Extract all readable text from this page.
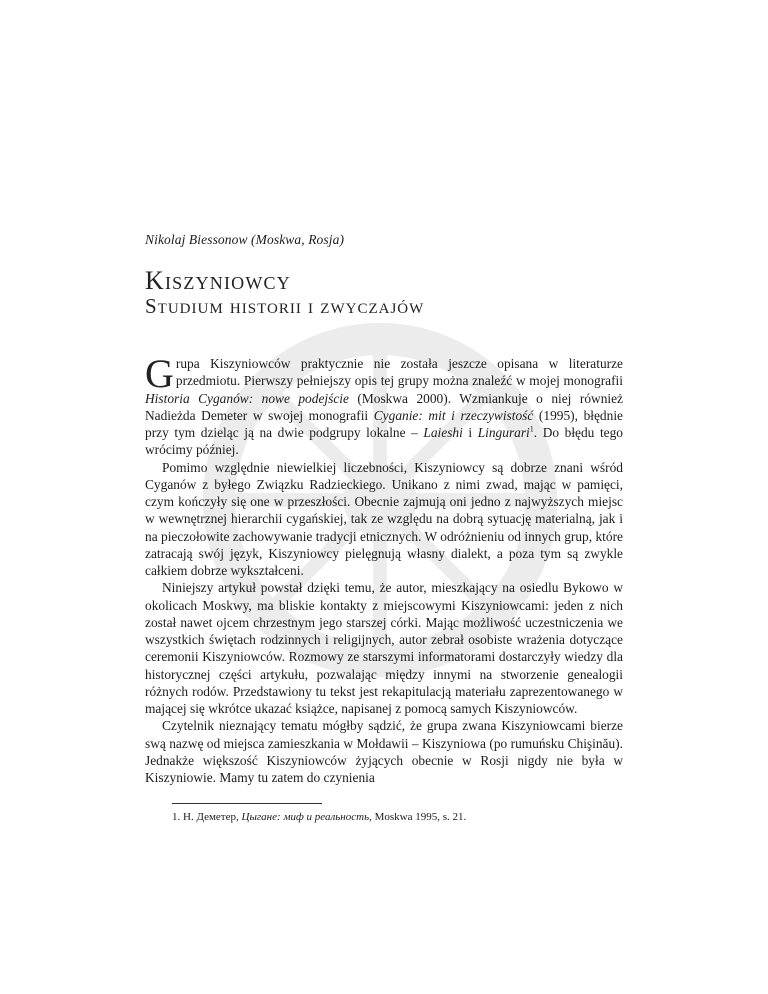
Nikolaj Biessonow (Moskwa, Rosja)
Kiszyniowcy
Studium historii i zwyczajów

Grupa Kiszyniowców praktycznie nie została jeszcze opisana w literaturze przedmiotu. Pierwszy pełniejszy opis tej grupy można znaleźć w mojej monografii Historia Cyganów: nowe podejście (Moskwa 2000). Wzmiankuje o niej również Nadieżda Demeter w swojej monografii Cyganie: mit i rzeczywistość (1995), błędnie przy tym dzieląc ją na dwie podgrupy lokalne – Laieshi i Lingurari$^1$. Do błędu tego wrócimy później.

Pomimo względnie niewielkiej liczebności, Kiszyniowcy są dobrze znani wśród Cyganów z byłego Związku Radzieckiego. Unikano z nimi zwad, mając w pamięci, czym kończyły się one w przeszłości. Obecnie zajmują oni jedno z najwyższych miejsc w wewnętrznej hierarchii cygańskiej, tak ze względu na dobrą sytuację materialną, jak i na pieczołowite zachowywanie tradycji etnicznych. W odróżnieniu od innych grup, które zatracają swój język, Kiszyniowcy pielęgnują własny dialekt, a poza tym są zwykle całkiem dobrze wykształceni.

Niniejszy artykuł powstał dzięki temu, że autor, mieszkający na osiedlu Bykowo w okolicach Moskwy, ma bliskie kontakty z miejscowymi Kiszyniowcami: jeden z nich został nawet ojcem chrzestnym jego starszej córki. Mając możliwość uczestniczenia we wszystkich świętach rodzinnych i religijnych, autor zebrał osobiste wrażenia dotyczące ceremonii Kiszyniowców. Rozmowy ze starszymi informatorami dostarczyły wiedzy dla historycznej części artykułu, pozwalając między innymi na stworzenie genealogii różnych rodów. Przedstawiony tu tekst jest rekapitulacją materiału zaprezentowanego w mającej się wkrótce ukazać książce, napisanej z pomocą samych Kiszyniowców.

Czytelnik nieznający tematu mógłby sądzić, że grupa zwana Kiszyniowcami bierze swą nazwę od miejsca zamieszkania w Mołdawii – Kiszyniowa (po rumuńsku Chişinău). Jednakże większość Kiszyniowców żyjących obecnie w Rosji nigdy nie była w Kiszyniowie. Mamy tu zatem do czynienia

1. Н. Деметер, Цыгане: миф и реальность, Moskwa 1995, s. 21.
